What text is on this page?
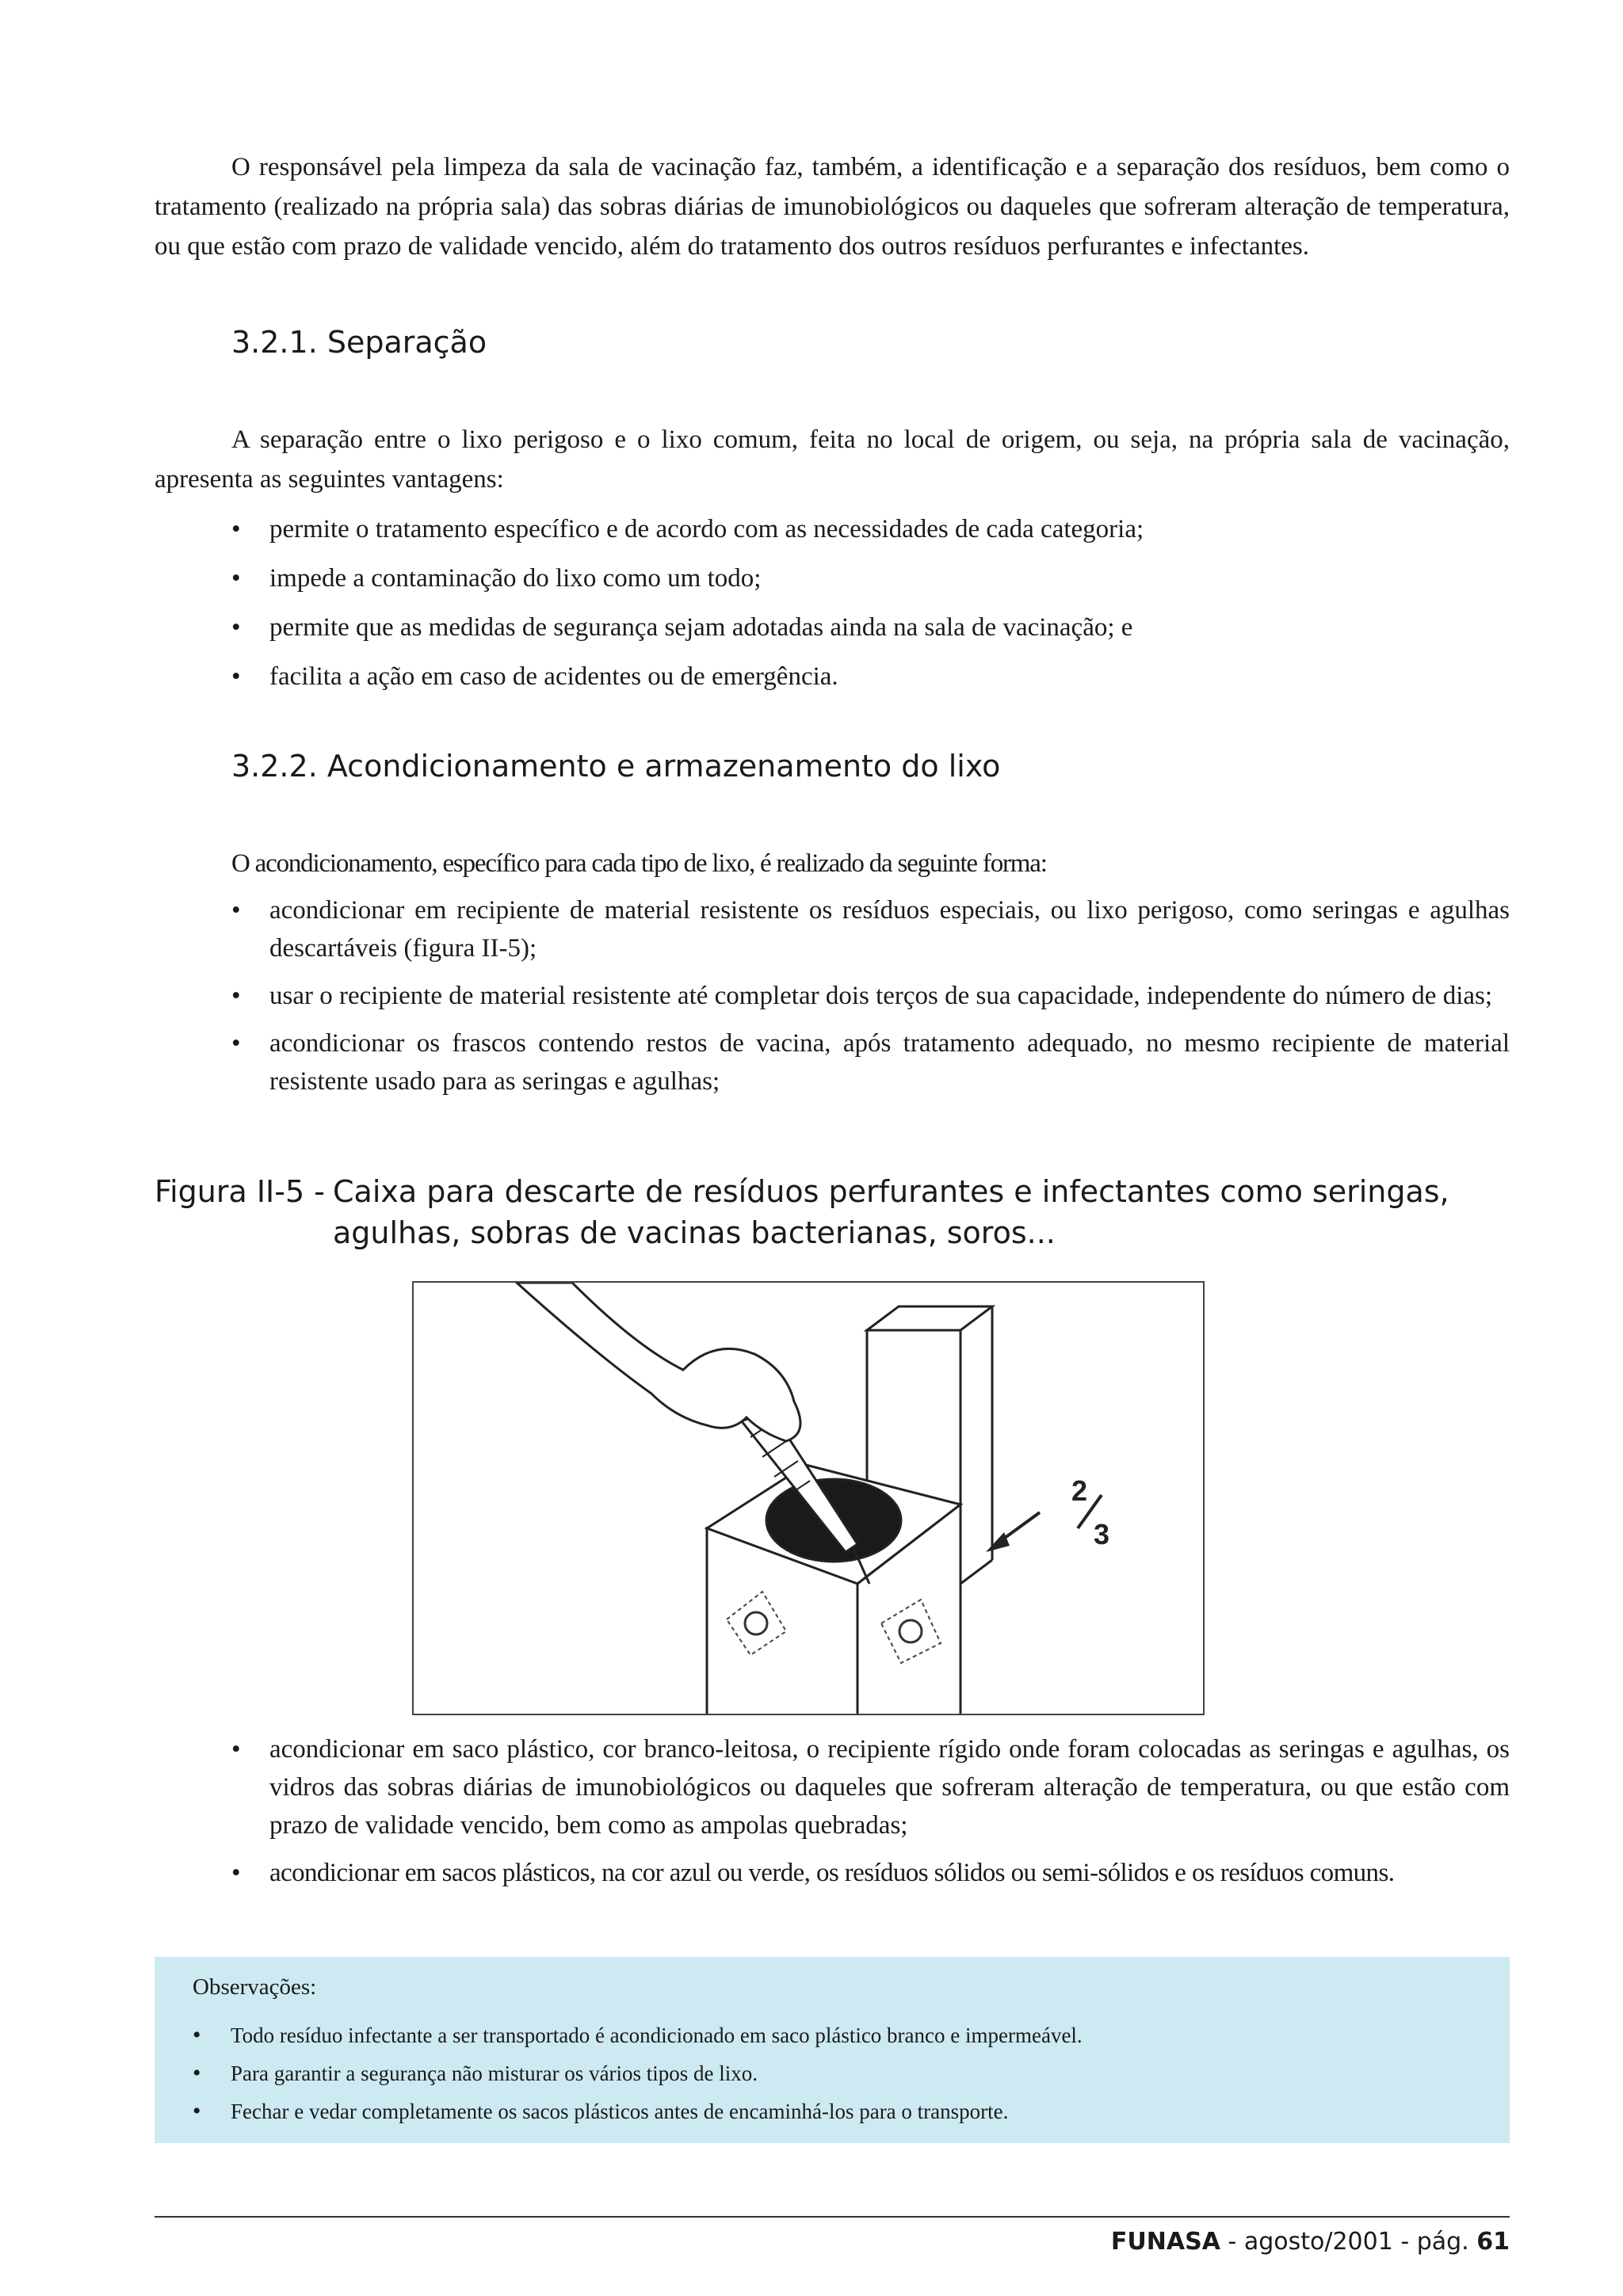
O responsável pela limpeza da sala de vacinação faz, também, a identificação e a separação dos resíduos, bem como o tratamento (realizado na própria sala) das sobras diárias de imunobiológicos ou daqueles que sofreram alteração de temperatura, ou que estão com prazo de validade vencido, além do tratamento dos outros resíduos perfurantes e infectantes.

3.2.1. Separação

A separação entre o lixo perigoso e o lixo comum, feita no local de origem, ou seja, na própria sala de vacinação, apresenta as seguintes vantagens:

• permite o tratamento específico e de acordo com as necessidades de cada categoria;
• impede a contaminação do lixo como um todo;
• permite que as medidas de segurança sejam adotadas ainda na sala de vacinação; e
• facilita a ação em caso de acidentes ou de emergência.
3.2.2. Acondicionamento e armazenamento do lixo

O acondicionamento, específico para cada tipo de lixo, é realizado da seguinte forma:

• acondicionar em recipiente de material resistente os resíduos especiais, ou lixo perigoso, como seringas e agulhas descartáveis (figura II-5);
• usar o recipiente de material resistente até completar dois terços de sua capacidade, independente do número de dias;
• acondicionar os frascos contendo restos de vacina, após tratamento adequado, no mesmo recipiente de material resistente usado para as seringas e agulhas;
Figura II-5 - Caixa para descarte de resíduos perfurantes e infectantes como seringas, agulhas, sobras de vacinas bacterianas, soros...
2
3
• acondicionar em saco plástico, cor branco-leitosa, o recipiente rígido onde foram colocadas as seringas e agulhas, os vidros das sobras diárias de imunobiológicos ou daqueles que sofreram alteração de temperatura, ou que estão com prazo de validade vencido, bem como as ampolas quebradas;
• acondicionar em sacos plásticos, na cor azul ou verde, os resíduos sólidos ou semi-sólidos e os resíduos comuns.
Observações:
• Todo resíduo infectante a ser transportado é acondicionado em saco plástico branco e impermeável.
• Para garantir a segurança não misturar os vários tipos de lixo.
• Fechar e vedar completamente os sacos plásticos antes de encaminhá-los para o transporte.
FUNASA - agosto/2001 - pág. 61
